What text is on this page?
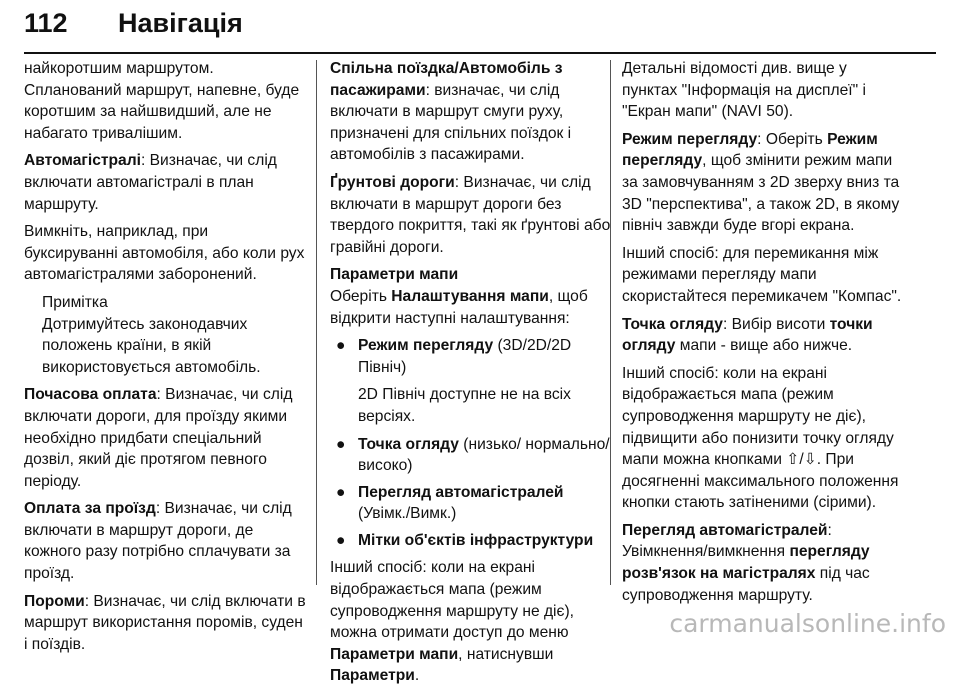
112	Навігація

найкоротшим маршрутом. Спланований маршрут, напевне, буде коротшим за найшвидший, але не набагато тривалішим.

Автомагістралі: Визначає, чи слід включати автомагістралі в план маршруту.

Вимкніть, наприклад, при буксируванні автомобіля, або коли рух автомагістралями заборонений.

Примітка
Дотримуйтесь законодавчих положень країни, в якій використовується автомобіль.

Почасова оплата: Визначає, чи слід включати дороги, для проїзду якими необхідно придбати спеціальний дозвіл, який діє протягом певного періоду.

Оплата за проїзд: Визначає, чи слід включати в маршрут дороги, де кожного разу потрібно сплачувати за проїзд.

Пороми: Визначає, чи слід включати в маршрут використання поромів, суден і поїздів.

Спільна поїздка/Автомобіль з пасажирами: визначає, чи слід включати в маршрут смуги руху, призначені для спільних поїздок і автомобілів з пасажирами.

Ґрунтові дороги: Визначає, чи слід включати в маршрут дороги без твердого покриття, такі як ґрунтові або гравійні дороги.

Параметри мапи
Оберіть Налаштування мапи, щоб відкрити наступні налаштування:

● Режим перегляду (3D/2D/2D Північ)

2D Північ доступне не на всіх версіях.

● Точка огляду (низько/ нормально/високо)
● Перегляд автомагістралей (Увімк./Вимк.)
● Мітки об'єктів інфраструктури

Інший спосіб: коли на екрані відображається мапа (режим супроводження маршруту не діє), можна отримати доступ до меню Параметри мапи, натиснувши Параметри.

Детальні відомості див. вище у пунктах "Інформація на дисплеї" і "Екран мапи" (NAVI 50).

Режим перегляду: Оберіть Режим перегляду, щоб змінити режим мапи за замовчуванням з 2D зверху вниз та 3D "перспектива", а також 2D, в якому північ завжди буде вгорі екрана.

Інший спосіб: для перемикання між режимами перегляду мапи скористайтеся перемикачем "Компас".

Точка огляду: Вибір висоти точки огляду мапи - вище або нижче.

Інший спосіб: коли на екрані відображається мапа (режим супроводження маршруту не діє), підвищити або понизити точку огляду мапи можна кнопками ⇧/⇩. При досягненні максимального положення кнопки стають затіненими (сірими).

Перегляд автомагістралей: Увімкнення/вимкнення перегляду розв'язок на магістралях під час супроводження маршруту.

carmanualsonline.info
